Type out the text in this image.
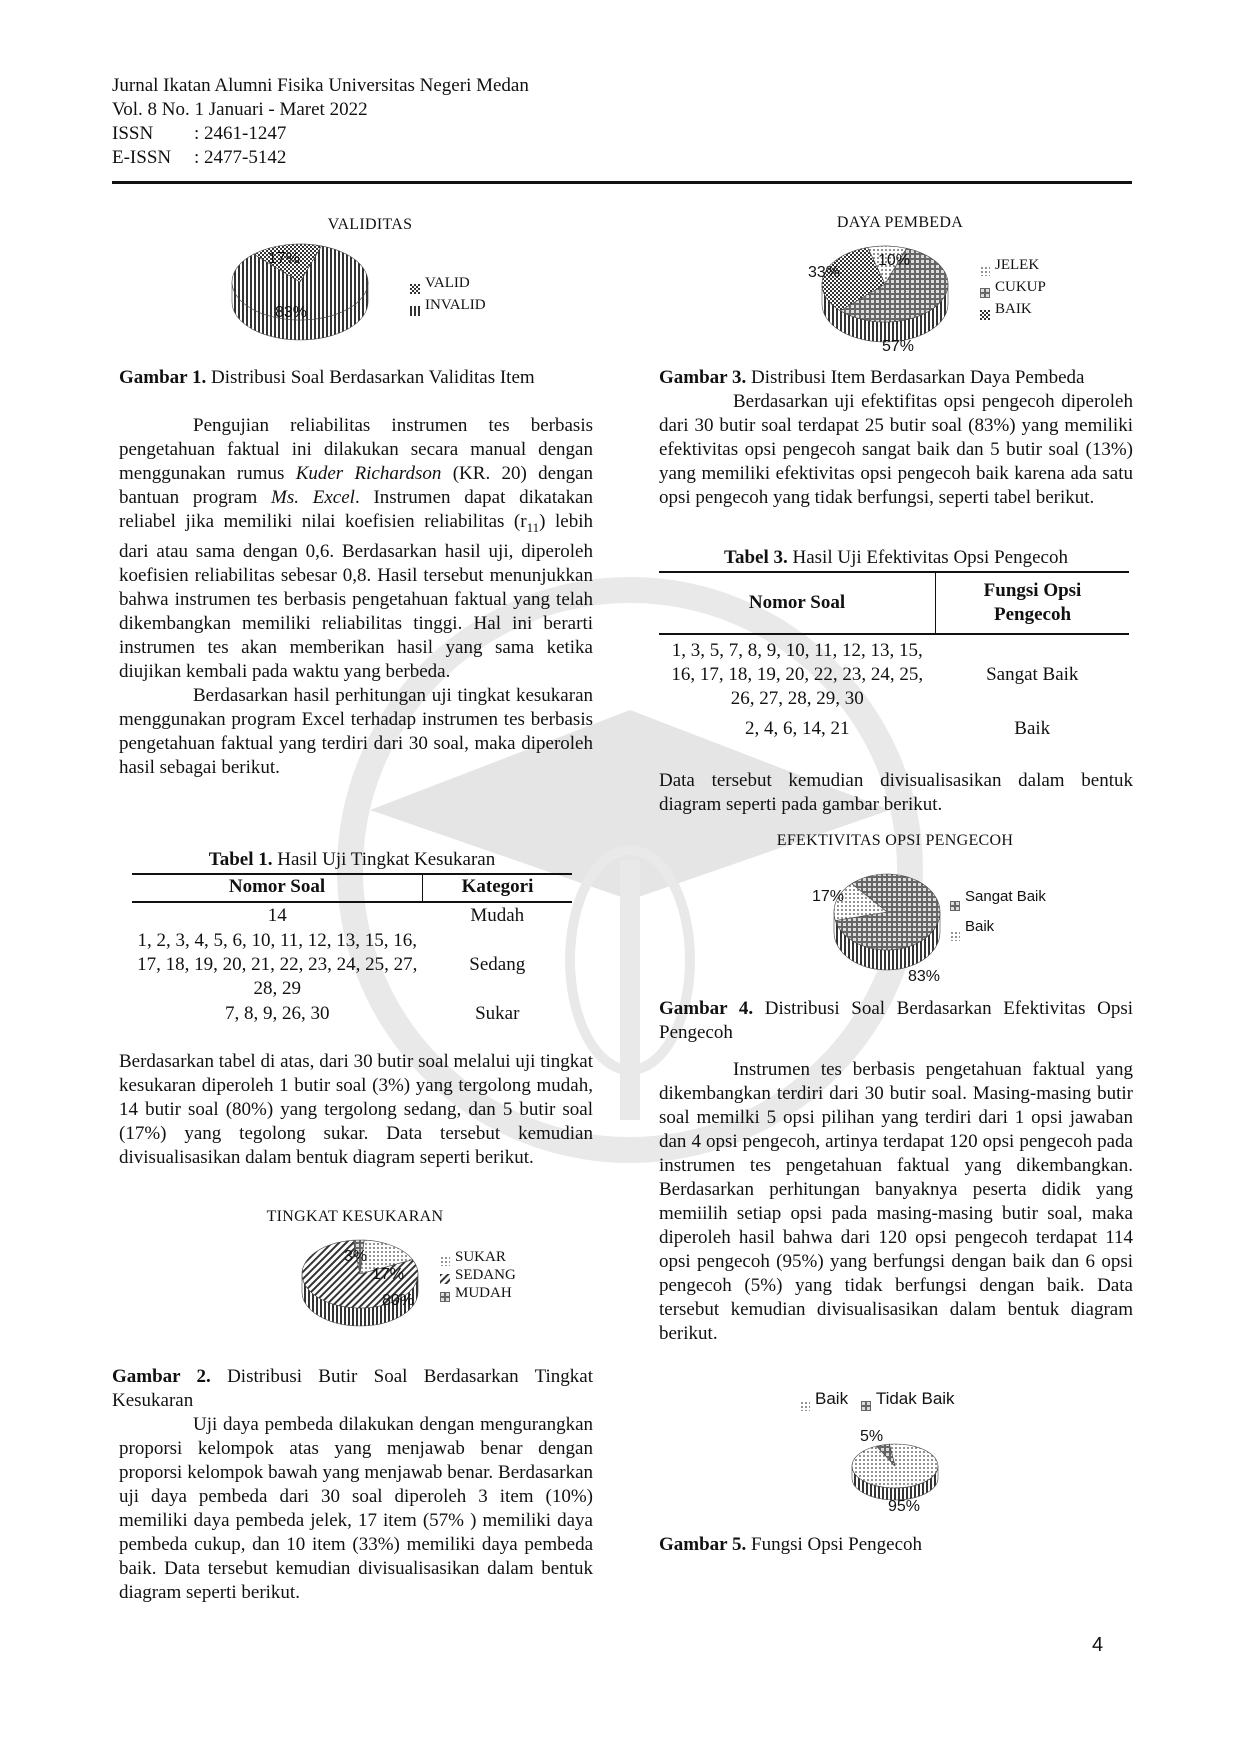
Jurnal Ikatan Alumni Fisika Universitas Negeri Medan
Vol. 8 No. 1 Januari - Maret 2022
ISSN : 2461-1247
E-ISSN : 2477-5142
VALIDITAS
VALID
INVALID
17%
83%
Gambar 1. Distribusi Soal Berdasarkan Validitas Item

Pengujian reliabilitas instrumen tes berbasis pengetahuan faktual ini dilakukan secara manual dengan menggunakan rumus Kuder Richardson (KR. 20) dengan bantuan program Ms. Excel. Instrumen dapat dikatakan reliabel jika memiliki nilai koefisien reliabilitas $(r_{11})$ lebih dari atau sama dengan 0,6. Berdasarkan hasil uji, diperoleh koefisien reliabilitas sebesar 0,8. Hasil tersebut menunjukkan bahwa instrumen tes berbasis pengetahuan faktual yang telah dikembangkan memiliki reliabilitas tinggi. Hal ini berarti instrumen tes akan memberikan hasil yang sama ketika diujikan kembali pada waktu yang berbeda.

Berdasarkan hasil perhitungan uji tingkat kesukaran menggunakan program Excel terhadap instrumen tes berbasis pengetahuan faktual yang terdiri dari 30 soal, maka diperoleh hasil sebagai berikut.

Tabel 1. Hasil Uji Tingkat Kesukaran
Nomor Soal	Kategori
14	Mudah
1, 2, 3, 4, 5, 6, 10, 11, 12, 13, 15, 16, 17, 18, 19, 20, 21, 22, 23, 24, 25, 27, 28, 29	Sedang
7, 8, 9, 26, 30	Sukar

Berdasarkan tabel di atas, dari 30 butir soal melalui uji tingkat kesukaran diperoleh 1 butir soal (3%) yang tergolong mudah, 14 butir soal (80%) yang tergolong sedang, dan 5 butir soal (17%) yang tegolong sukar. Data tersebut kemudian divisualisasikan dalam bentuk diagram seperti berikut.

TINGKAT KESUKARAN
SUKAR
SEDANG
MUDAH
3%
17%
80%
Gambar 2. Distribusi Butir Soal Berdasarkan Tingkat Kesukaran

Uji daya pembeda dilakukan dengan mengurangkan proporsi kelompok atas yang menjawab benar dengan proporsi kelompok bawah yang menjawab benar. Berdasarkan uji daya pembeda dari 30 soal diperoleh 3 item (10%) memiliki daya pembeda jelek, 17 item (57% ) memiliki daya pembeda cukup, dan 10 item (33%) memiliki daya pembeda baik. Data tersebut kemudian divisualisasikan dalam bentuk diagram seperti berikut.

DAYA PEMBEDA
JELEK
CUKUP
BAIK
10%
33%
57%
Gambar 3. Distribusi Item Berdasarkan Daya Pembeda

Berdasarkan uji efektifitas opsi pengecoh diperoleh dari 30 butir soal terdapat 25 butir soal (83%) yang memiliki efektivitas opsi pengecoh sangat baik dan 5 butir soal (13%) yang memiliki efektivitas opsi pengecoh baik karena ada satu opsi pengecoh yang tidak berfungsi, seperti tabel berikut.

Tabel 3. Hasil Uji Efektivitas Opsi Pengecoh
Nomor Soal	Fungsi Opsi Pengecoh
1, 3, 5, 7, 8, 9, 10, 11, 12, 13, 15, 16, 17, 18, 19, 20, 22, 23, 24, 25, 26, 27, 28, 29, 30	Sangat Baik
2, 4, 6, 14, 21	Baik

Data tersebut kemudian divisualisasikan dalam bentuk diagram seperti pada gambar berikut.

EFEKTIVITAS OPSI PENGECOH
Sangat Baik
Baik
17%
83%
Gambar 4. Distribusi Soal Berdasarkan Efektivitas Opsi Pengecoh

Instrumen tes berbasis pengetahuan faktual yang dikembangkan terdiri dari 30 butir soal. Masing-masing butir soal memilki 5 opsi pilihan yang terdiri dari 1 opsi jawaban dan 4 opsi pengecoh, artinya terdapat 120 opsi pengecoh pada instrumen tes pengetahuan faktual yang dikembangkan. Berdasarkan perhitungan banyaknya peserta didik yang memiilih setiap opsi pada masing-masing butir soal, maka diperoleh hasil bahwa dari 120 opsi pengecoh terdapat 114 opsi pengecoh (95%) yang berfungsi dengan baik dan 6 opsi pengecoh (5%) yang tidak berfungsi dengan baik. Data tersebut kemudian divisualisasikan dalam bentuk diagram berikut.

Baik Tidak Baik
5%
95%
Gambar 5. Fungsi Opsi Pengecoh
4
